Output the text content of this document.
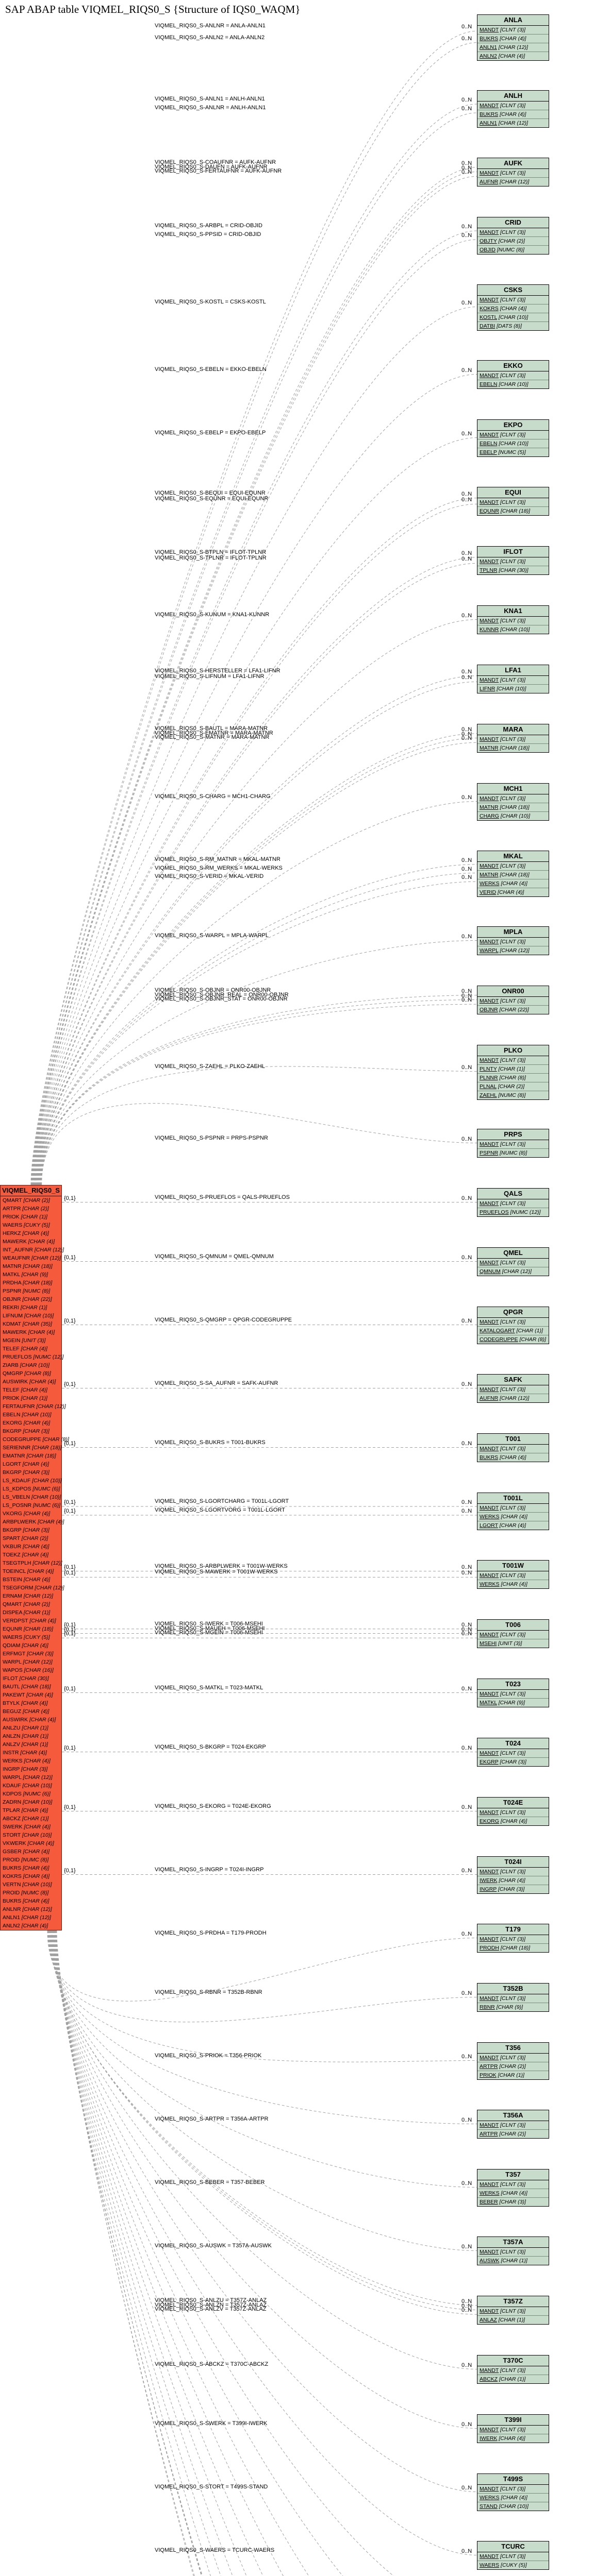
SAP ABAP table VIQMEL_RIQS0_S {Structure of IQS0_WAQM}
ANLA
MANDT [CLNT (3)]
BUKRS [CHAR (4)]
ANLN1 [CHAR (12)]
ANLN2 [CHAR (4)]
ANLH
MANDT [CLNT (3)]
BUKRS [CHAR (4)]
ANLN1 [CHAR (12)]
AUFK
MANDT [CLNT (3)]
AUFNR [CHAR (12)]
CRID
MANDT [CLNT (3)]
OBJTY [CHAR (2)]
OBJID [NUMC (8)]
CSKS
MANDT [CLNT (3)]
KOKRS [CHAR (4)]
KOSTL [CHAR (10)]
DATBI [DATS (8)]
EKKO
MANDT [CLNT (3)]
EBELN [CHAR (10)]
EKPO
MANDT [CLNT (3)]
EBELN [CHAR (10)]
EBELP [NUMC (5)]
EQUI
MANDT [CLNT (3)]
EQUNR [CHAR (18)]
IFLOT
MANDT [CLNT (3)]
TPLNR [CHAR (30)]
KNA1
MANDT [CLNT (3)]
KUNNR [CHAR (10)]
LFA1
MANDT [CLNT (3)]
LIFNR [CHAR (10)]
MARA
MANDT [CLNT (3)]
MATNR [CHAR (18)]
MCH1
MANDT [CLNT (3)]
MATNR [CHAR (18)]
CHARG [CHAR (10)]
MKAL
MANDT [CLNT (3)]
MATNR [CHAR (18)]
WERKS [CHAR (4)]
VERID [CHAR (4)]
MPLA
MANDT [CLNT (3)]
WARPL [CHAR (12)]
ONR00
MANDT [CLNT (3)]
OBJNR [CHAR (22)]
PLKO
MANDT [CLNT (3)]
PLNTY [CHAR (1)]
PLNNR [CHAR (8)]
PLNAL [CHAR (2)]
ZAEHL [NUMC (8)]
PRPS
MANDT [CLNT (3)]
PSPNR [NUMC (8)]
QALS
MANDT [CLNT (3)]
PRUEFLOS [NUMC (12)]
QMEL
MANDT [CLNT (3)]
QMNUM [CHAR (12)]
QPGR
MANDT [CLNT (3)]
KATALOGART [CHAR (1)]
CODEGRUPPE [CHAR (8)]
SAFK
MANDT [CLNT (3)]
AUFNR [CHAR (12)]
T001
MANDT [CLNT (3)]
BUKRS [CHAR (4)]
T001L
MANDT [CLNT (3)]
WERKS [CHAR (4)]
LGORT [CHAR (4)]
T001W
MANDT [CLNT (3)]
WERKS [CHAR (4)]
T006
MANDT [CLNT (3)]
MSEHI [UNIT (3)]
T023
MANDT [CLNT (3)]
MATKL [CHAR (9)]
T024
MANDT [CLNT (3)]
EKGRP [CHAR (3)]
T024E
MANDT [CLNT (3)]
EKORG [CHAR (4)]
T024I
MANDT [CLNT (3)]
IWERK [CHAR (4)]
INGRP [CHAR (3)]
T179
MANDT [CLNT (3)]
PRODH [CHAR (18)]
T352B
MANDT [CLNT (3)]
RBNR [CHAR (9)]
T356
MANDT [CLNT (3)]
ARTPR [CHAR (2)]
PRIOK [CHAR (1)]
T356A
MANDT [CLNT (3)]
ARTPR [CHAR (2)]
T357
MANDT [CLNT (3)]
WERKS [CHAR (4)]
BEBER [CHAR (3)]
T357A
MANDT [CLNT (3)]
AUSWK [CHAR (1)]
T357Z
MANDT [CLNT (3)]
ANLAZ [CHAR (1)]
T370C
MANDT [CLNT (3)]
ABCKZ [CHAR (1)]
T399I
MANDT [CLNT (3)]
IWERK [CHAR (4)]
T499S
MANDT [CLNT (3)]
WERKS [CHAR (4)]
STAND [CHAR (10)]
TCURC
MANDT [CLNT (3)]
WAERS [CUKY (5)]
VIQMEL_RIQS0_S
QMART [CHAR (2)]
ARTPR [CHAR (2)]
PRIOK [CHAR (1)]
WAERS [CUKY (5)]
HERKZ [CHAR (4)]
MAWERK [CHAR (4)]
INT_AUFNR [CHAR (12)]
WEAUFNR [CHAR (12)]
MATNR [CHAR (18)]
MATKL [CHAR (9)]
PRDHA [CHAR (18)]
PSPNR [NUMC (8)]
OBJNR [CHAR (22)]
REKRI [CHAR (1)]
LIFNUM [CHAR (10)]
KDMAT [CHAR (35)]
MAWERK [CHAR (4)]
MGEIN [UNIT (3)]
TELEF [CHAR (4)]
PRUEFLOS [NUMC (12)]
ZIARB [CHAR (10)]
QMGRP [CHAR (8)]
AUSWIRK [CHAR (4)]
TELEF [CHAR (4)]
PRIOK [CHAR (1)]
FERTAUFNR [CHAR (12)]
EBELN [CHAR (10)]
EKORG [CHAR (4)]
BKGRP [CHAR (3)]
CODEGRUPPE [CHAR (8)]
SERIENNR [CHAR (18)]
EMATNR [CHAR (18)]
LGORT [CHAR (4)]
BKGRP [CHAR (3)]
LS_KDAUF [CHAR (10)]
LS_KDPOS [NUMC (6)]
LS_VBELN [CHAR (10)]
LS_POSNR [NUMC (6)]
VKORG [CHAR (4)]
ARBPLWERK [CHAR (4)]
BKGRP [CHAR (3)]
SPART [CHAR (2)]
VKBUR [CHAR (4)]
TOEKZ [CHAR (4)]
TSEGTPLH [CHAR (12)]
TOEINCL [CHAR (4)]
BSTEIN [CHAR (4)]
TSEGFORM [CHAR (12)]
ERNAM [CHAR (12)]
QMART [CHAR (2)]
DISPEA [CHAR (1)]
VERDPST [CHAR (4)]
EQUNR [CHAR (18)]
WAERS [CUKY (5)]
QDIAM [CHAR (4)]
ERFMGT [CHAR (3)]
WARPL [CHAR (12)]
WAPOS [CHAR (16)]
IFLOT [CHAR (30)]
BAUTL [CHAR (18)]
PAKEWT [CHAR (4)]
BTYLK [CHAR (4)]
BEGUZ [CHAR (4)]
AUSWIRK [CHAR (4)]
ANLZU [CHAR (1)]
ANLZN [CHAR (1)]
ANLZV [CHAR (1)]
INSTR [CHAR (4)]
WERKS [CHAR (4)]
INGRP [CHAR (3)]
WARPL [CHAR (12)]
KDAUF [CHAR (10)]
KDPOS [NUMC (6)]
ZADRN [CHAR (10)]
TPLAR [CHAR (4)]
ABCKZ [CHAR (1)]
SWERK [CHAR (4)]
STORT [CHAR (10)]
VKWERK [CHAR (4)]
GSBER [CHAR (4)]
PROID [NUMC (8)]
BUKRS [CHAR (4)]
KOKRS [CHAR (4)]
VERTN [CHAR (10)]
PROID [NUMC (8)]
BUKRS [CHAR (4)]
ANLNR [CHAR (12)]
ANLN1 [CHAR (12)]
ANLN2 [CHAR (4)]
VIQMEL_RIQS0_S-ANLNR = ANLA-ANLN1	0..N
VIQMEL_RIQS0_S-ANLN2 = ANLA-ANLN2	0..N
VIQMEL_RIQS0_S-ANLN1 = ANLH-ANLN1	0..N
VIQMEL_RIQS0_S-ANLNR = ANLH-ANLN1	0..N
VIQMEL_RIQS0_S-COAUFNR = AUFK-AUFNR	0..N
VIQMEL_RIQS0_S-DAUFN = AUFK-AUFNR	0..N
VIQMEL_RIQS0_S-FERTAUFNR = AUFK-AUFNR	0..N
VIQMEL_RIQS0_S-ARBPL = CRID-OBJID	0..N
VIQMEL_RIQS0_S-PPSID = CRID-OBJID	0..N
VIQMEL_RIQS0_S-KOSTL = CSKS-KOSTL	0..N
VIQMEL_RIQS0_S-EBELN = EKKO-EBELN	0..N
VIQMEL_RIQS0_S-EBELP = EKPO-EBELP	0..N
VIQMEL_RIQS0_S-BEQUI = EQUI-EQUNR	0..N
VIQMEL_RIQS0_S-EQUNR = EQUI-EQUNR	0..N
VIQMEL_RIQS0_S-BTPLN = IFLOT-TPLNR	0..N
VIQMEL_RIQS0_S-TPLNR = IFLOT-TPLNR	0..N
VIQMEL_RIQS0_S-KUNUM = KNA1-KUNNR	0..N
VIQMEL_RIQS0_S-HERSTELLER = LFA1-LIFNR	0..N
VIQMEL_RIQS0_S-LIFNUM = LFA1-LIFNR	0..N
VIQMEL_RIQS0_S-BAUTL = MARA-MATNR	0..N
VIQMEL_RIQS0_S-EMATNR = MARA-MATNR	0..N
VIQMEL_RIQS0_S-MATNR = MARA-MATNR	0..N
VIQMEL_RIQS0_S-CHARG = MCH1-CHARG	0..N
VIQMEL_RIQS0_S-RM_MATNR = MKAL-MATNR	0..N
VIQMEL_RIQS0_S-RM_WERKS = MKAL-WERKS	0..N
VIQMEL_RIQS0_S-VERID = MKAL-VERID	0..N
VIQMEL_RIQS0_S-WARPL = MPLA-WARPL	0..N
VIQMEL_RIQS0_S-OBJNR = ONR00-OBJNR	0..N
VIQMEL_RIQS0_S-OBJNR_REAL = ONR00-OBJNR	0..N
VIQMEL_RIQS0_S-OBJNR_STAT = ONR00-OBJNR	0..N
VIQMEL_RIQS0_S-ZAEHL = PLKO-ZAEHL	0..N
VIQMEL_RIQS0_S-PSPNR = PRPS-PSPNR	0..N
VIQMEL_RIQS0_S-PRUEFLOS = QALS-PRUEFLOS	0..N
{0,1}
VIQMEL_RIQS0_S-QMNUM = QMEL-QMNUM	0..N
{0,1}
VIQMEL_RIQS0_S-QMGRP = QPGR-CODEGRUPPE	0..N
{0,1}
VIQMEL_RIQS0_S-SA_AUFNR = SAFK-AUFNR	0..N
{0,1}
VIQMEL_RIQS0_S-BUKRS = T001-BUKRS	0..N
{0,1}
VIQMEL_RIQS0_S-LGORTCHARG = T001L-LGORT	0..N
{0,1}
VIQMEL_RIQS0_S-LGORTVORG = T001L-LGORT	0..N
{0,1}
VIQMEL_RIQS0_S-ARBPLWERK = T001W-WERKS	0..N
{0,1}
VIQMEL_RIQS0_S-MAWERK = T001W-WERKS	0..N
{0,1}
VIQMEL_RIQS0_S-IWERK = T006-MSEHI	0..N
{0,1}
VIQMEL_RIQS0_S-MAUEH = T006-MSEHI	0..N
{0,1}
VIQMEL_RIQS0_S-MGEIN = T006-MSEHI	0..N
{0,1}
VIQMEL_RIQS0_S-MATKL = T023-MATKL	0..N
{0,1}
VIQMEL_RIQS0_S-BKGRP = T024-EKGRP	0..N
{0,1}
VIQMEL_RIQS0_S-EKORG = T024E-EKORG	0..N
{0,1}
VIQMEL_RIQS0_S-INGRP = T024I-INGRP	0..N
{0,1}
VIQMEL_RIQS0_S-PRDHA = T179-PRODH	0..N
VIQMEL_RIQS0_S-RBNR = T352B-RBNR	0..N
VIQMEL_RIQS0_S-PRIOK = T356-PRIOK	0..N
VIQMEL_RIQS0_S-ARTPR = T356A-ARTPR	0..N
VIQMEL_RIQS0_S-BEBER = T357-BEBER	0..N
VIQMEL_RIQS0_S-AUSWK = T357A-AUSWK	0..N
VIQMEL_RIQS0_S-ANLZU = T357Z-ANLAZ	0..N
VIQMEL_RIQS0_S-ANLZN = T357Z-ANLAZ	0..N
VIQMEL_RIQS0_S-ANLZV = T357Z-ANLAZ	0..N
VIQMEL_RIQS0_S-ABCKZ = T370C-ABCKZ	0..N
VIQMEL_RIQS0_S-SWERK = T399I-IWERK	0..N
VIQMEL_RIQS0_S-STORT = T499S-STAND	0..N
VIQMEL_RIQS0_S-WAERS = TCURC-WAERS	0..N
